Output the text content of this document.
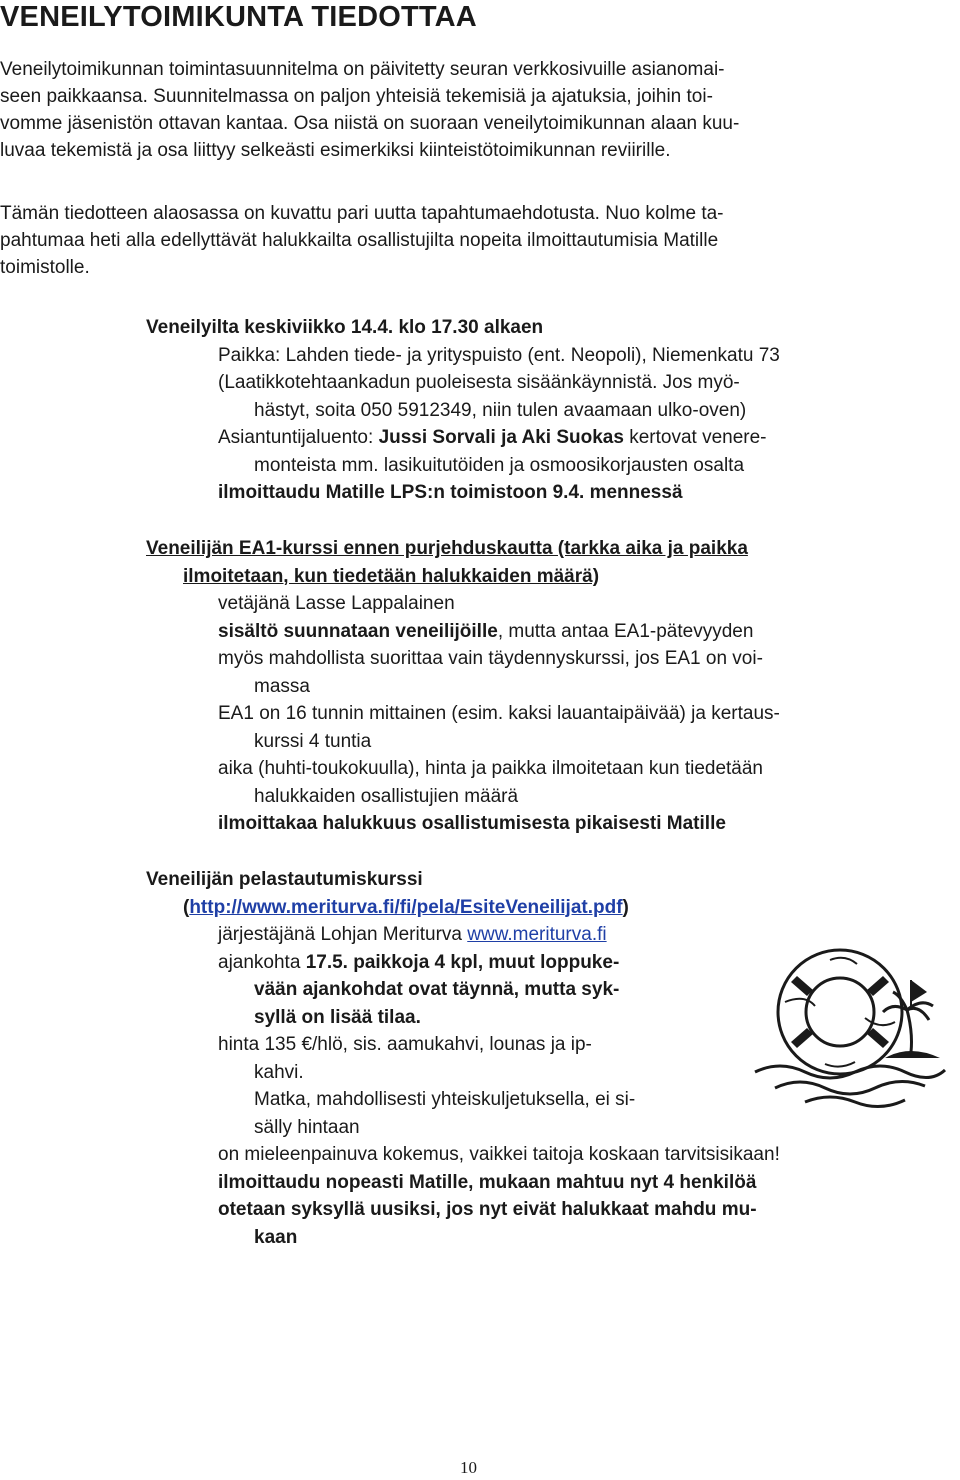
VENEILYTOIMIKUNTA TIEDOTTAA
Veneilytoimikunnan toimintasuunnitelma on päivitetty seuran verkkosivuille asianomai-
seen paikkaansa. Suunnitelmassa on paljon yhteisiä tekemisiä ja ajatuksia, joihin toi-
vomme jäsenistön ottavan kantaa. Osa niistä on suoraan veneilytoimikunnan alaan kuu-
luvaa tekemistä ja osa liittyy selkeästi esimerkiksi kiinteistötoimikunnan reviirille.
Tämän tiedotteen alaosassa on kuvattu pari uutta tapahtumaehdotusta. Nuo kolme ta-
pahtumaa heti alla edellyttävät halukkailta osallistujilta nopeita ilmoittautumisia Matille
toimistolle.
Veneilyilta keskiviikko 14.4. klo 17.30 alkaen
Paikka: Lahden tiede- ja yrityspuisto (ent. Neopoli), Niemenkatu 73
(Laatikkotehtaankadun puoleisesta sisäänkäynnistä. Jos myö-
hästyt, soita 050 5912349, niin tulen avaamaan ulko-oven)
Asiantuntijaluento: Jussi Sorvali ja Aki Suokas kertovat venere-
monteista mm. lasikuitutöiden ja osmoosikorjausten osalta
ilmoittaudu Matille LPS:n toimistoon 9.4. mennessä
Veneilijän EA1-kurssi ennen purjehduskautta (tarkka aika ja paikka
ilmoitetaan, kun tiedetään halukkaiden määrä)
vetäjänä Lasse Lappalainen
sisältö suunnataan veneilijöille, mutta antaa EA1-pätevyyden
myös mahdollista suorittaa vain täydennyskurssi, jos EA1 on voi-
massa
EA1 on 16 tunnin mittainen (esim. kaksi lauantaipäivää) ja kertaus-
kurssi 4 tuntia
aika (huhti-toukokuulla), hinta ja paikka ilmoitetaan kun tiedetään
halukkaiden osallistujien määrä
ilmoittakaa halukkuus osallistumisesta pikaisesti Matille
Veneilijän pelastautumiskurssi
(http://www.meriturva.fi/fi/pela/EsiteVeneilijat.pdf)
järjestäjänä Lohjan Meriturva www.meriturva.fi
ajankohta 17.5. paikkoja 4 kpl, muut loppuke-
vään ajankohdat ovat täynnä, mutta syk-
syllä on lisää tilaa.
hinta 135 €/hlö, sis. aamukahvi, lounas ja ip-
kahvi.
Matka, mahdollisesti yhteiskuljetuksella, ei si-
sälly hintaan
on mieleenpainuva kokemus, vaikkei taitoja koskaan tarvitsisikaan!
ilmoittaudu nopeasti Matille, mukaan mahtuu nyt 4 henkilöä
otetaan syksyllä uusiksi, jos nyt eivät halukkaat mahdu mu-
kaan
10
